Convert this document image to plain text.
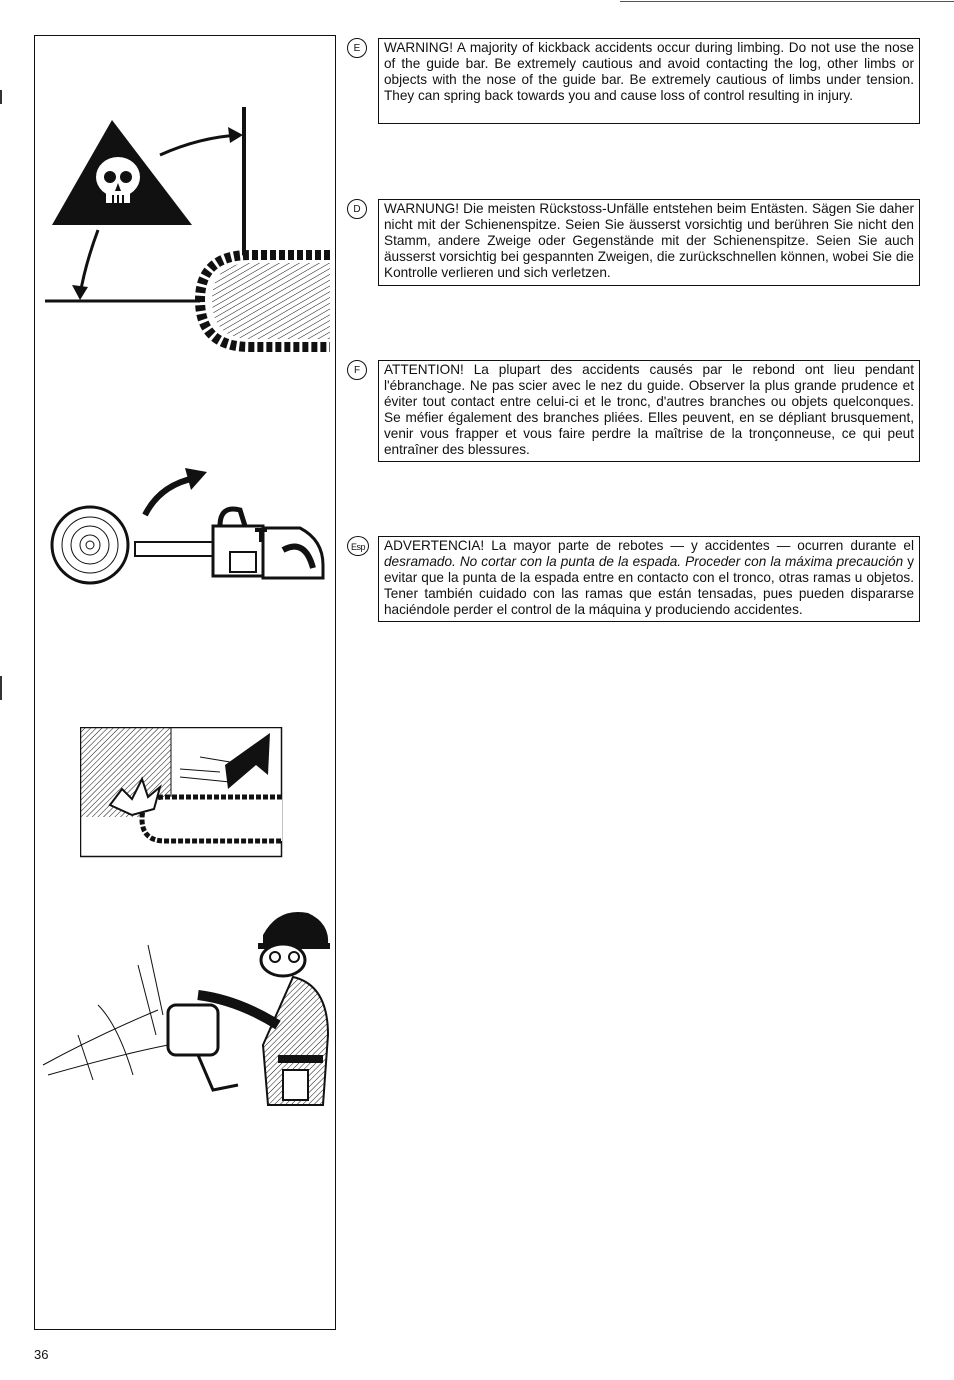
E	WARNING! A majority of kickback accidents occur during limbing. Do not use the nose of the guide bar. Be extremely cautious and avoid contacting the log, other limbs or objects with the nose of the guide bar. Be extremely cautious of limbs under tension. They can spring back towards you and cause loss of control resulting in injury.
D	WARNUNG! Die meisten Rückstoss-Unfälle entstehen beim Entästen. Sägen Sie daher nicht mit der Schienenspitze. Seien Sie äusserst vorsichtig und berühren Sie nicht den Stamm, andere Zweige oder Gegenstände mit der Schienenspitze. Seien Sie auch äusserst vorsichtig bei gespannten Zweigen, die zurückschnellen können, wobei Sie die Kontrolle verlieren und sich verletzen.
F	ATTENTION! La plupart des accidents causés par le rebond ont lieu pendant l'ébranchage. Ne pas scier avec le nez du guide. Observer la plus grande prudence et éviter tout contact entre celui-ci et le tronc, d'autres branches ou objets quelconques. Se méfier également des branches pliées. Elles peuvent, en se dépliant brusquement, venir vous frapper et vous faire perdre la maîtrise de la tronçonneuse, ce qui peut entraîner des blessures.
Esp	ADVERTENCIA! La mayor parte de rebotes — y accidentes — ocurren durante el desramado. No cortar con la punta de la espada. Proceder con la máxima precaución y evitar que la punta de la espada entre en contacto con el tronco, otras ramas u objetos. Tener también cuidado con las ramas que están tensadas, pues pueden dispararse haciéndole perder el control de la máquina y produciendo accidentes.
36
